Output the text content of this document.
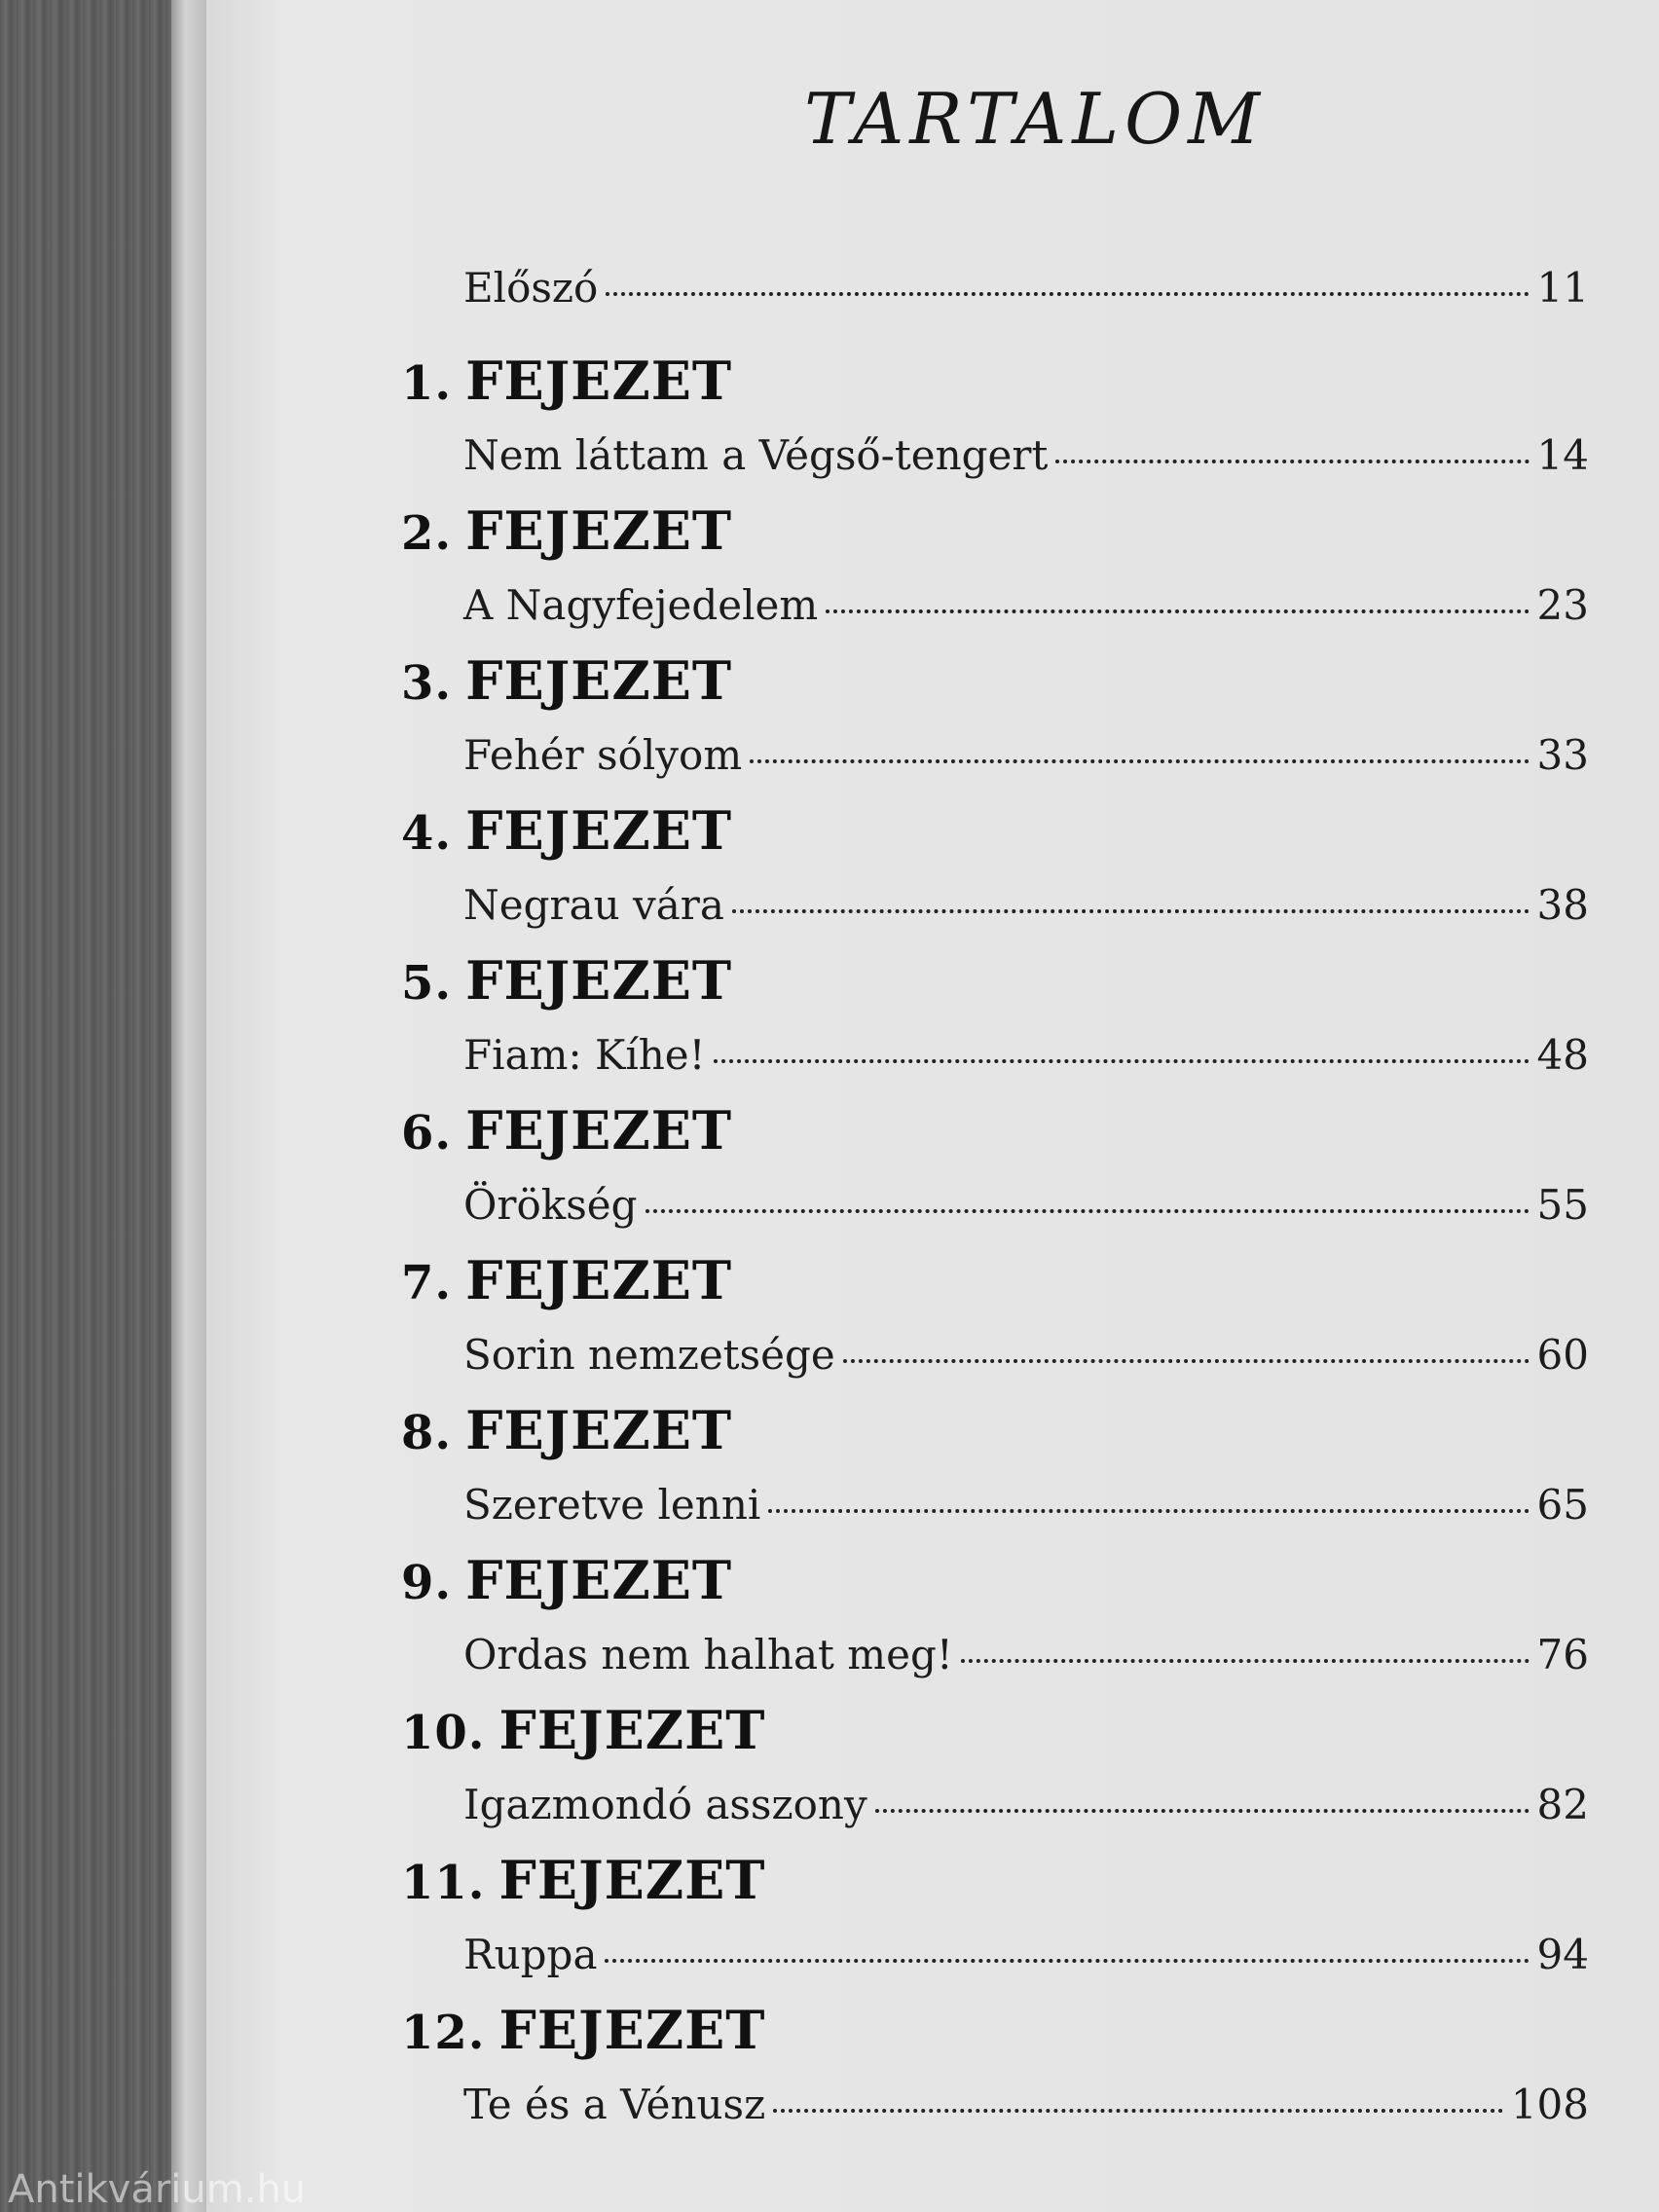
TARTALOM
Előszó	11
1. FEJEZET
Nem láttam a Végső-tengert	14
2. FEJEZET
A Nagyfejedelem	23
3. FEJEZET
Fehér sólyom	33
4. FEJEZET
Negrau vára	38
5. FEJEZET
Fiam: Kíhe!	48
6. FEJEZET
Örökség	55
7. FEJEZET
Sorin nemzetsége	60
8. FEJEZET
Szeretve lenni	65
9. FEJEZET
Ordas nem halhat meg!	76
10. FEJEZET
Igazmondó asszony	82
11. FEJEZET
Ruppa	94
12. FEJEZET
Te és a Vénusz	108
Antikvárium.hu
